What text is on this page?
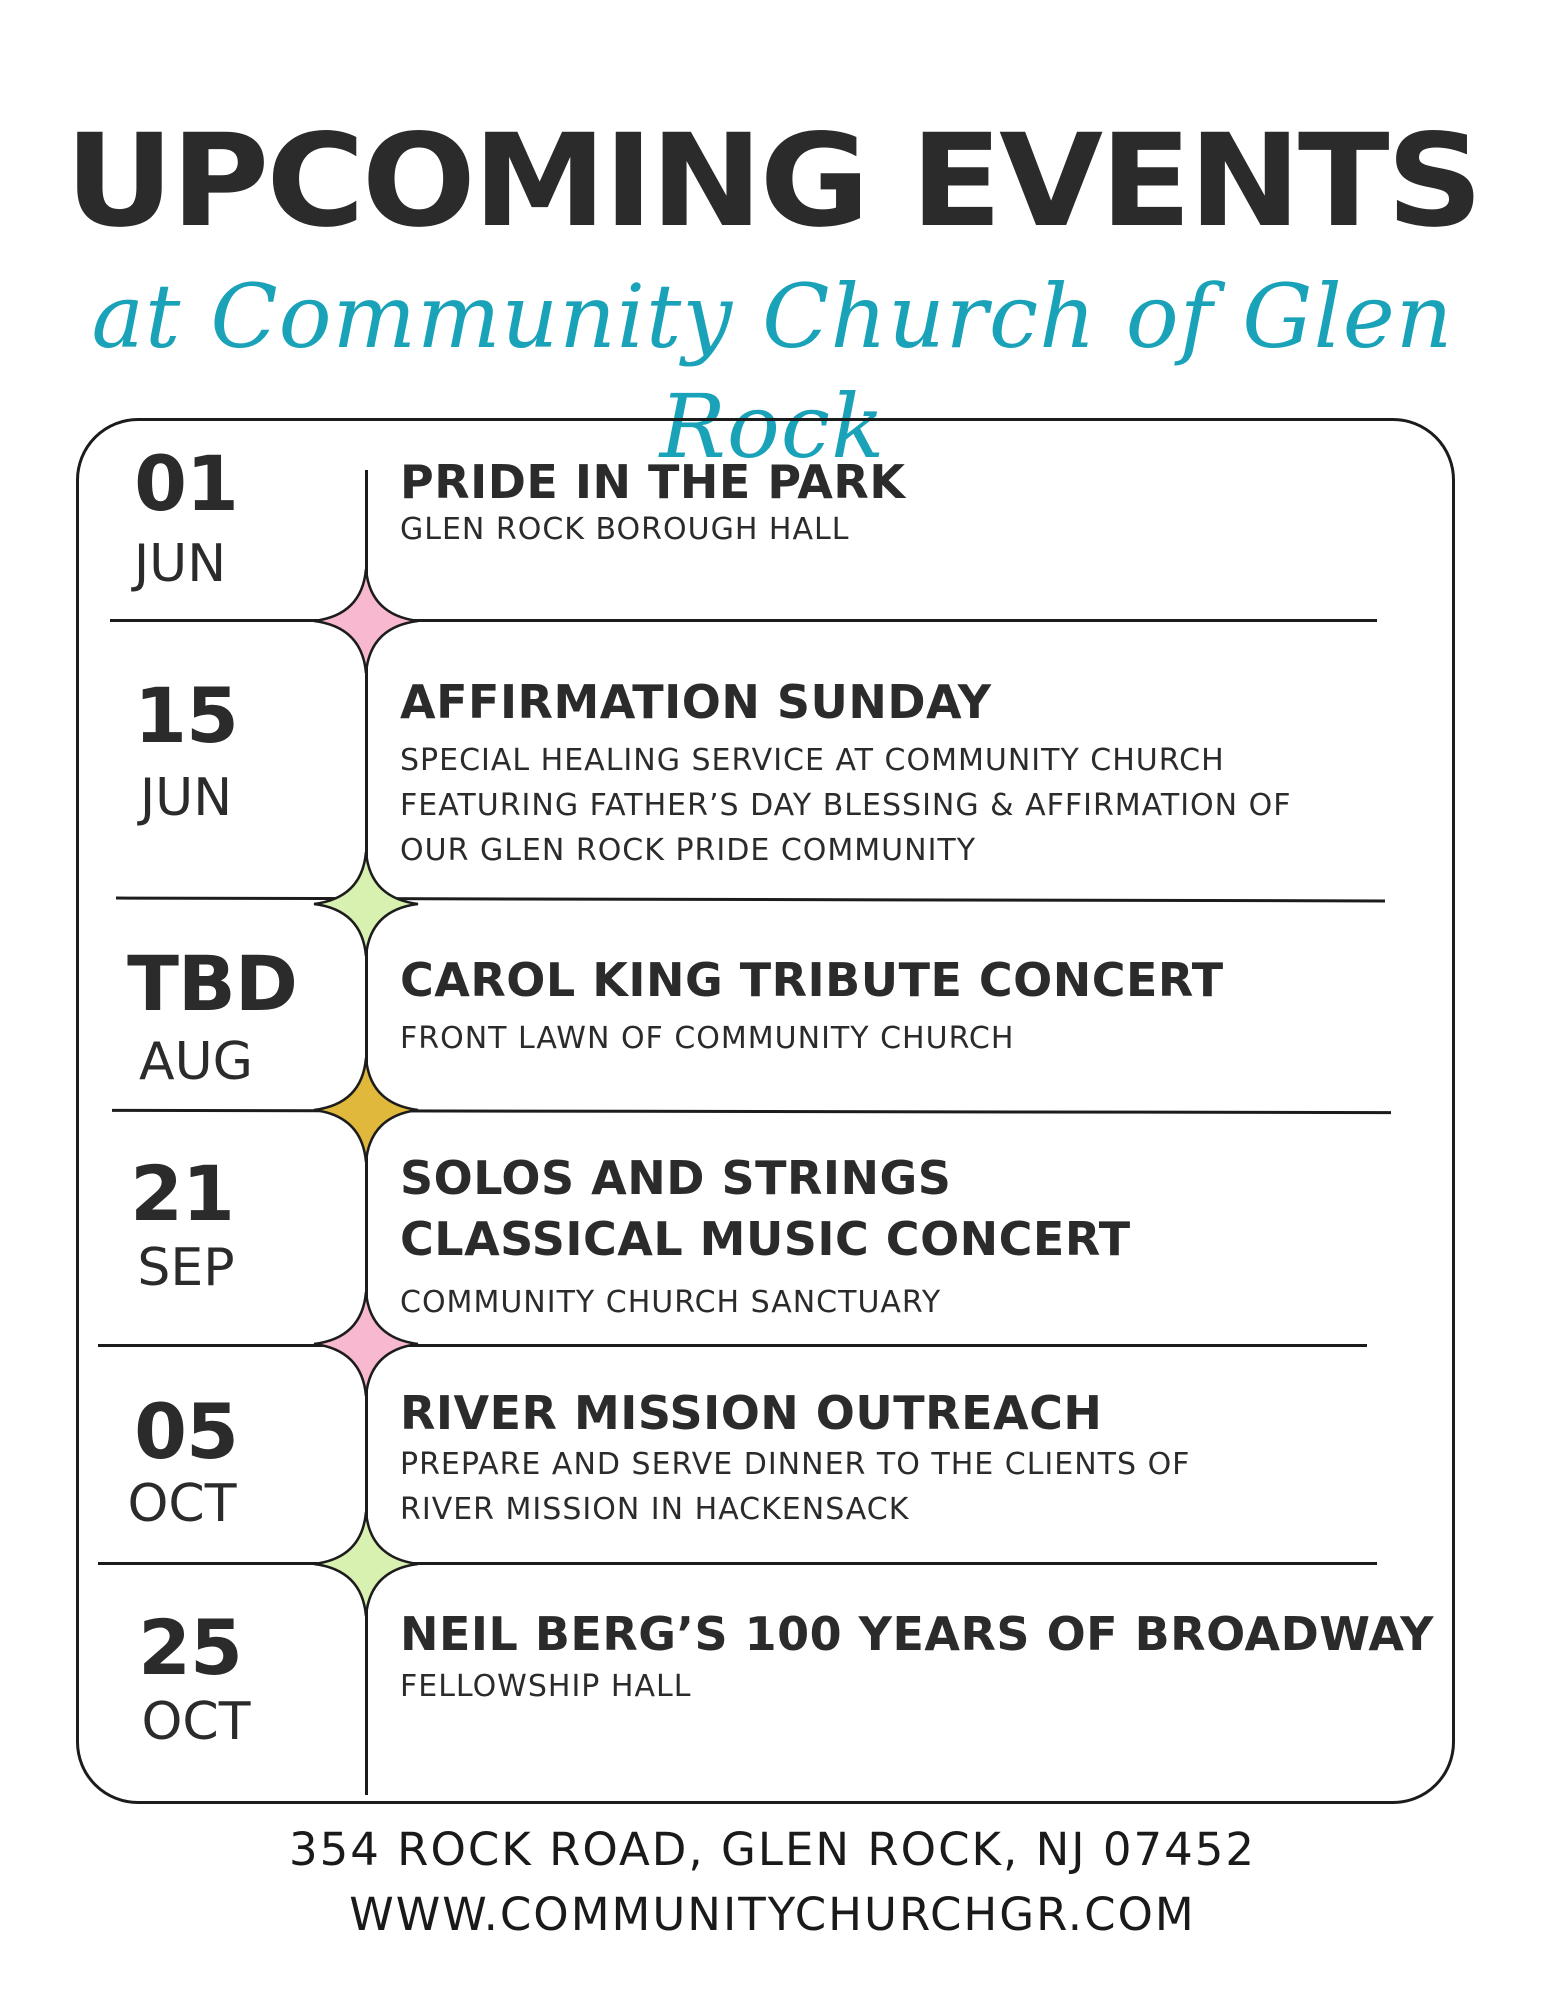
UPCOMING EVENTS
at Community Church of Glen Rock
01
JUN
PRIDE IN THE PARK
GLEN ROCK BOROUGH HALL
15
JUN
AFFIRMATION SUNDAY
SPECIAL HEALING SERVICE AT COMMUNITY CHURCH
FEATURING FATHER’S DAY BLESSING & AFFIRMATION OF
OUR GLEN ROCK PRIDE COMMUNITY
TBD
AUG
CAROL KING TRIBUTE CONCERT
FRONT LAWN OF COMMUNITY CHURCH
21
SEP
SOLOS AND STRINGS
CLASSICAL MUSIC CONCERT
COMMUNITY CHURCH SANCTUARY
05
OCT
RIVER MISSION OUTREACH
PREPARE AND SERVE DINNER TO THE CLIENTS OF
RIVER MISSION IN HACKENSACK
25
OCT
NEIL BERG’S 100 YEARS OF BROADWAY
FELLOWSHIP HALL
354 ROCK ROAD, GLEN ROCK, NJ 07452
WWW.COMMUNITYCHURCHGR.COM
